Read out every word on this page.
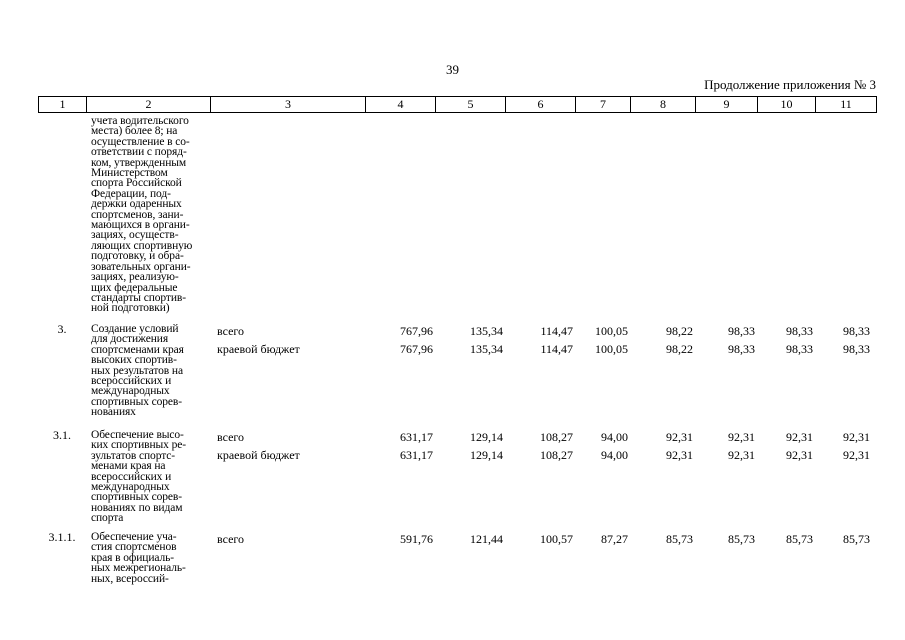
39
Продолжение приложения № 3
1	2	3	4	5	6	7	8	9	10	11
учета водительского
места) более 8; на
осуществление в со-
ответствии с поряд-
ком, утвержденным
Министерством
спорта Российской
Федерации, под-
держки одаренных
спортсменов, зани-
мающихся в органи-
зациях, осуществ-
ляющих спортивную
подготовку, и обра-
зовательных органи-
зациях, реализую-
щих федеральные
стандарты спортив-
ной подготовки)
3.	Создание условий
для достижения
спортсменами края
высоких спортив-
ных результатов на
всероссийских и
международных
спортивных сорев-
нованиях
всего	767,96	135,34	114,47	100,05	98,22	98,33	98,33	98,33
краевой бюджет	767,96	135,34	114,47	100,05	98,22	98,33	98,33	98,33
3.1.	Обеспечение высо-
ких спортивных ре-
зультатов спортс-
менами края на
всероссийских и
международных
спортивных сорев-
нованиях по видам
спорта
всего	631,17	129,14	108,27	94,00	92,31	92,31	92,31	92,31
краевой бюджет	631,17	129,14	108,27	94,00	92,31	92,31	92,31	92,31
3.1.1.	Обеспечение уча-
стия спортсменов
края в официаль-
ных межрегиональ-
ных, всероссий-
всего	591,76	121,44	100,57	87,27	85,73	85,73	85,73	85,73
